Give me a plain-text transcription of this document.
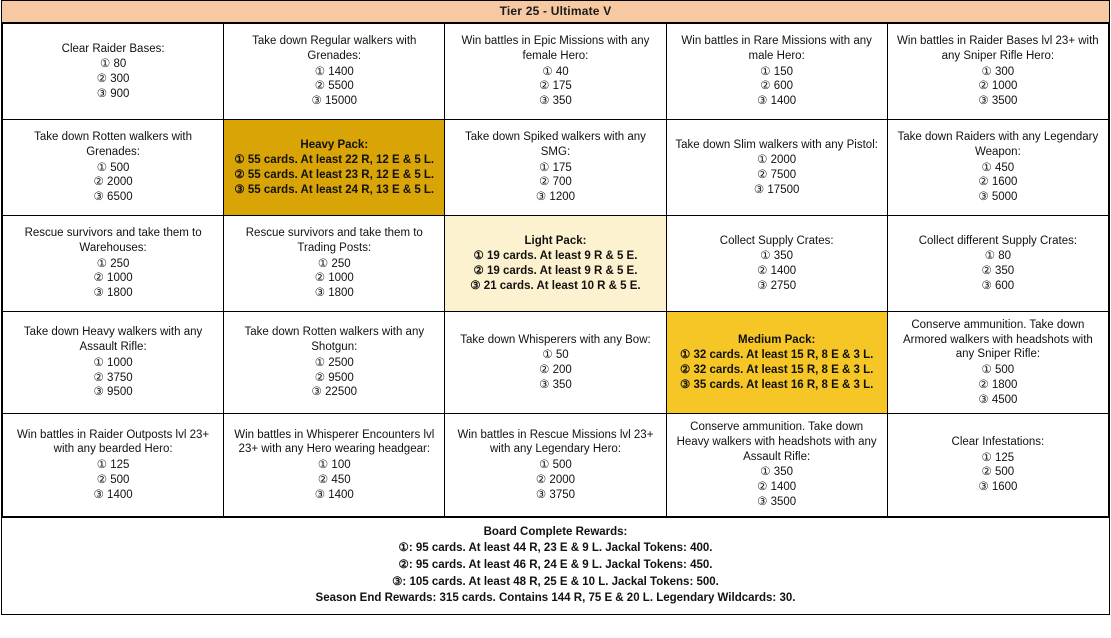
Tier 25 - Ultimate V
Clear Raider Bases:
① 80
② 300
③ 900	Take down Regular walkers with Grenades:
① 1400
② 5500
③ 15000	Win battles in Epic Missions with any female Hero:
① 40
② 175
③ 350	Win battles in Rare Missions with any male Hero:
① 150
② 600
③ 1400	Win battles in Raider Bases lvl 23+ with any Sniper Rifle Hero:
① 300
② 1000
③ 3500

Take down Rotten walkers with Grenades:
① 500
② 2000
③ 6500	Heavy Pack:
① 55 cards. At least 22 R, 12 E & 5 L.
② 55 cards. At least 23 R, 12 E & 5 L.
③ 55 cards. At least 24 R, 13 E & 5 L.	Take down Spiked walkers with any SMG:
① 175
② 700
③ 1200	Take down Slim walkers with any Pistol:
① 2000
② 7500
③ 17500	Take down Raiders with any Legendary Weapon:
① 450
② 1600
③ 5000

Rescue survivors and take them to Warehouses:
① 250
② 1000
③ 1800	Rescue survivors and take them to Trading Posts:
① 250
② 1000
③ 1800	Light Pack:
① 19 cards. At least 9 R & 5 E.
② 19 cards. At least 9 R & 5 E.
③ 21 cards. At least 10 R & 5 E.	Collect Supply Crates:
① 350
② 1400
③ 2750	Collect different Supply Crates:
① 80
② 350
③ 600

Take down Heavy walkers with any Assault Rifle:
① 1000
② 3750
③ 9500	Take down Rotten walkers with any Shotgun:
① 2500
② 9500
③ 22500	Take down Whisperers with any Bow:
① 50
② 200
③ 350	Medium Pack:
① 32 cards. At least 15 R, 8 E & 3 L.
② 32 cards. At least 15 R, 8 E & 3 L.
③ 35 cards. At least 16 R, 8 E & 3 L.	Conserve ammunition. Take down Armored walkers with headshots with any Sniper Rifle:
① 500
② 1800
③ 4500

Win battles in Raider Outposts lvl 23+ with any bearded Hero:
① 125
② 500
③ 1400	Win battles in Whisperer Encounters lvl 23+ with any Hero wearing headgear:
① 100
② 450
③ 1400	Win battles in Rescue Missions lvl 23+ with any Legendary Hero:
① 500
② 2000
③ 3750	Conserve ammunition. Take down Heavy walkers with headshots with any Assault Rifle:
① 350
② 1400
③ 3500	Clear Infestations:
① 125
② 500
③ 1600
Board Complete Rewards:
①: 95 cards. At least 44 R, 23 E & 9 L. Jackal Tokens: 400.
②: 95 cards. At least 46 R, 24 E & 9 L. Jackal Tokens: 450.
③: 105 cards. At least 48 R, 25 E & 10 L. Jackal Tokens: 500.
Season End Rewards: 315 cards. Contains 144 R, 75 E & 20 L. Legendary Wildcards: 30.
